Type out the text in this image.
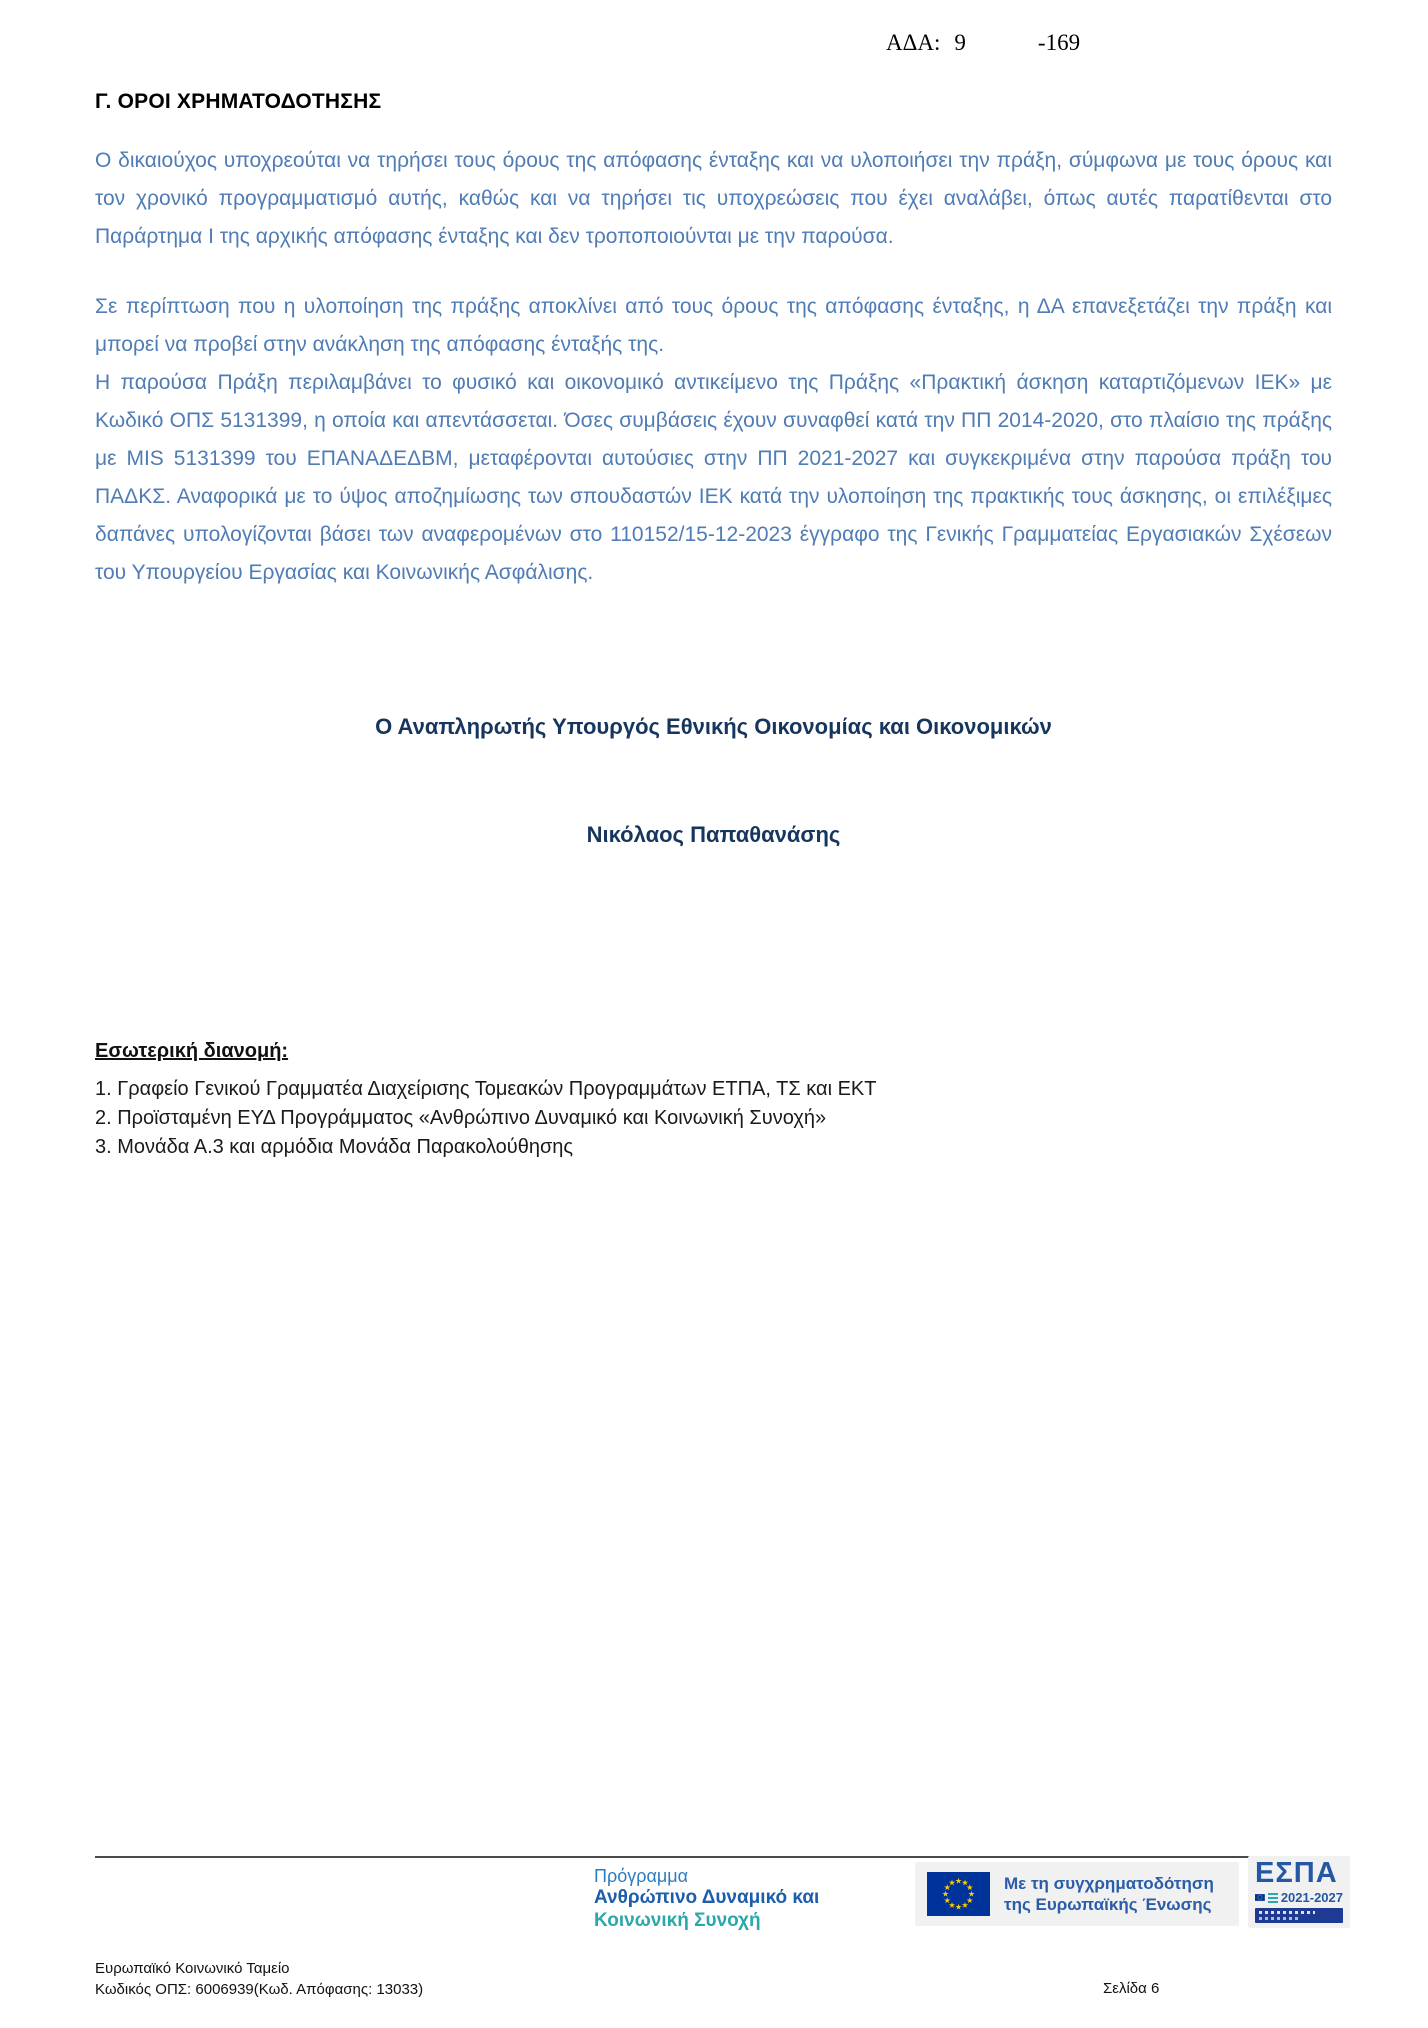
ΑΔΑ: 9	-169
Γ. ΟΡΟΙ ΧΡΗΜΑΤΟΔΟΤΗΣΗΣ

Ο δικαιούχος υποχρεούται να τηρήσει τους όρους της απόφασης ένταξης και να υλοποιήσει την πράξη, σύμφωνα με τους όρους και τον χρονικό προγραμματισμό αυτής, καθώς και να τηρήσει τις υποχρεώσεις που έχει αναλάβει, όπως αυτές παρατίθενται στο Παράρτημα Ι της αρχικής απόφασης ένταξης και δεν τροποποιούνται με την παρούσα.

Σε περίπτωση που η υλοποίηση της πράξης αποκλίνει από τους όρους της απόφασης ένταξης, η ΔΑ επανεξετάζει την πράξη και μπορεί να προβεί στην ανάκληση της απόφασης ένταξής της.

Η παρούσα Πράξη περιλαμβάνει το φυσικό και οικονομικό αντικείμενο της Πράξης «Πρακτική άσκηση καταρτιζόμενων ΙΕΚ» με Κωδικό ΟΠΣ 5131399, η οποία και απεντάσσεται. Όσες συμβάσεις έχουν συναφθεί κατά την ΠΠ 2014-2020, στο πλαίσιο της πράξης με MIS 5131399 του ΕΠΑΝΑΔΕΔΒΜ, μεταφέρονται αυτούσιες στην ΠΠ 2021-2027 και συγκεκριμένα στην παρούσα πράξη του ΠΑΔΚΣ. Αναφορικά με το ύψος αποζημίωσης των σπουδαστών ΙΕΚ κατά την υλοποίηση της πρακτικής τους άσκησης, οι επιλέξιμες δαπάνες υπολογίζονται βάσει των αναφερομένων στο 110152/15-12-2023 έγγραφο της Γενικής Γραμματείας Εργασιακών Σχέσεων του Υπουργείου Εργασίας και Κοινωνικής Ασφάλισης.

Ο Αναπληρωτής Υπουργός Εθνικής Οικονομίας και Οικονομικών
Νικόλαος Παπαθανάσης
Εσωτερική διανομή:
1. Γραφείο Γενικού Γραμματέα Διαχείρισης Τομεακών Προγραμμάτων ΕΤΠΑ, ΤΣ και ΕΚΤ
2. Προϊσταμένη ΕΥΔ Προγράμματος «Ανθρώπινο Δυναμικό και Κοινωνική Συνοχή»
3. Μονάδα Α.3 και αρμόδια Μονάδα Παρακολούθησης
Πρόγραμμα
Ανθρώπινο Δυναμικό και
Κοινωνική Συνοχή
Με τη συγχρηματοδότηση
της Ευρωπαϊκής Ένωσης
ΕΣΠΑ
2021-2027
Ευρωπαϊκό Κοινωνικό Ταμείο
Κωδικός ΟΠΣ: 6006939(Κωδ. Απόφασης: 13033)	Σελίδα 6
